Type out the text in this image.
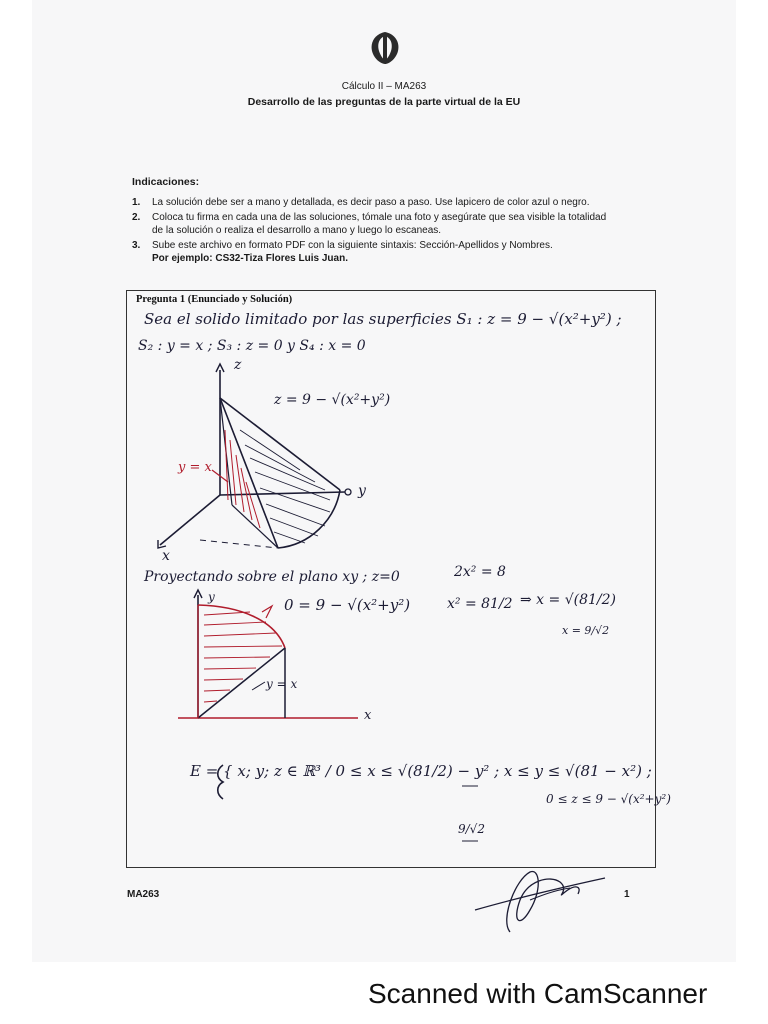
Cálculo II – MA263
Desarrollo de las preguntas de la parte virtual de la EU
Indicaciones:
1.	La solución debe ser a mano y detallada, es decir paso a paso. Use lapicero de color azul o negro.
2.	Coloca tu firma en cada una de las soluciones, tómale una foto y asegúrate que sea visible la totalidad
de la solución o realiza el desarrollo a mano y luego lo escaneas.
3.	Sube este archivo en formato PDF con la siguiente sintaxis: Sección-Apellidos y Nombres.
Por ejemplo: CS32-Tiza Flores Luis Juan.
Pregunta 1 (Enunciado y Solución)
Sea el solido limitado por las superficies S₁ : z = 9 − √(x²+y²) ;
S₂ : y = x ; S₃ : z = 0 y S₄ : x = 0
z
y
x
z = 9 − √(x²+y²)
y = x
Proyectando sobre el plano xy ; z=0
0 = 9 − √(x²+y²)
2x² = 8
x² = 81/2 ⇒ x = √(81/2)
x = 9/√2
y
x
y = x
E = { x; y; z ∈ ℝ³ / 0 ≤ x ≤ √(81/2) − y² ; x ≤ y ≤ √(81 − x²) ;
0 ≤ z ≤ 9 − √(x²+y²)
9/√2
MA263	1
Scanned with CamScanner
